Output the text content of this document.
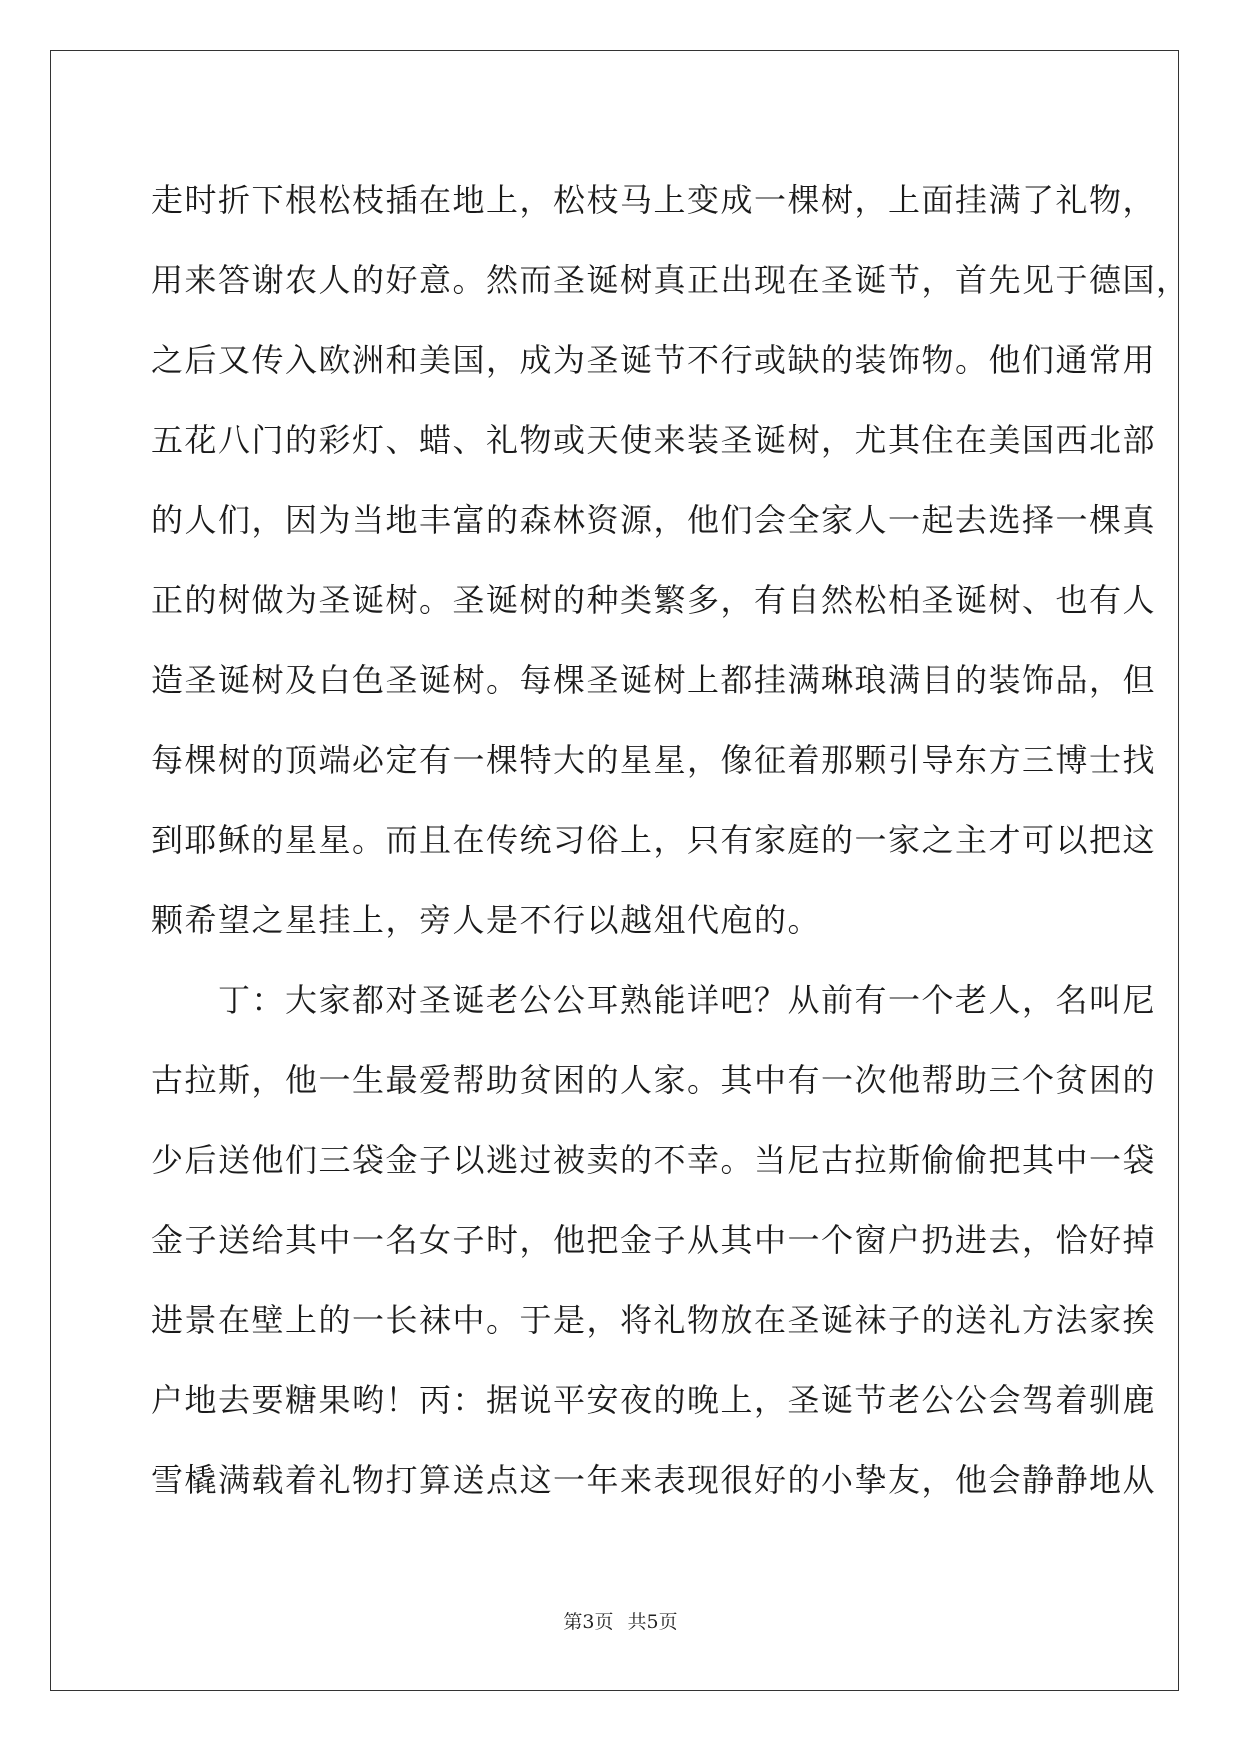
走时折下根松枝插在地上，松枝马上变成一棵树，上面挂满了礼物，
用来答谢农人的好意。然而圣诞树真正出现在圣诞节，首先见于德国，
之后又传入欧洲和美国，成为圣诞节不行或缺的装饰物。他们通常用
五花八门的彩灯、蜡、礼物或天使来装圣诞树，尤其住在美国西北部
的人们，因为当地丰富的森林资源，他们会全家人一起去选择一棵真
正的树做为圣诞树。圣诞树的种类繁多，有自然松柏圣诞树、也有人
造圣诞树及白色圣诞树。每棵圣诞树上都挂满琳琅满目的装饰品，但
每棵树的顶端必定有一棵特大的星星，像征着那颗引导东方三博士找
到耶稣的星星。而且在传统习俗上，只有家庭的一家之主才可以把这
颗希望之星挂上，旁人是不行以越俎代庖的。
　　丁：大家都对圣诞老公公耳熟能详吧？从前有一个老人，名叫尼
古拉斯，他一生最爱帮助贫困的人家。其中有一次他帮助三个贫困的
少后送他们三袋金子以逃过被卖的不幸。当尼古拉斯偷偷把其中一袋
金子送给其中一名女子时，他把金子从其中一个窗户扔进去，恰好掉
进景在壁上的一长袜中。于是，将礼物放在圣诞袜子的送礼方法家挨
户地去要糖果哟！丙：据说平安夜的晚上，圣诞节老公公会驾着驯鹿
雪橇满载着礼物打算送点这一年来表现很好的小挚友，他会静静地从
第3页 共5页
